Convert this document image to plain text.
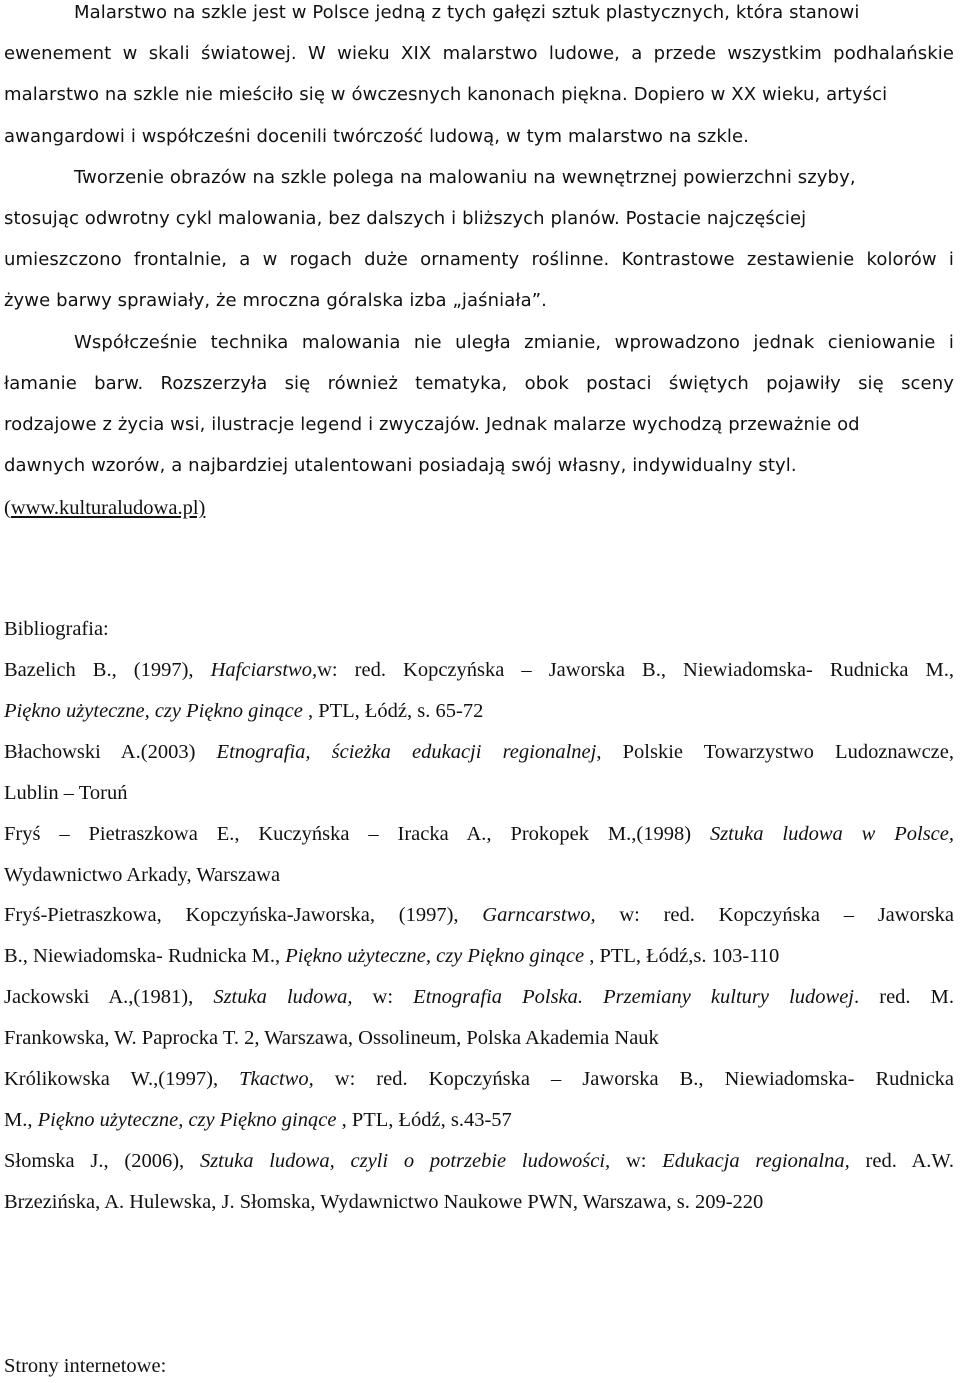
Malarstwo na szkle jest w Polsce jedną z tych gałęzi sztuk plastycznych, która stanowi
ewenement w skali światowej. W wieku XIX malarstwo ludowe, a przede wszystkim podhalańskie
malarstwo na szkle nie mieściło się w ówczesnych kanonach piękna. Dopiero w XX wieku, artyści
awangardowi i współcześni docenili twórczość ludową, w tym malarstwo na szkle.
Tworzenie obrazów na szkle polega na malowaniu na wewnętrznej powierzchni szyby,
stosując odwrotny cykl malowania, bez dalszych i bliższych planów. Postacie najczęściej
umieszczono frontalnie, a w rogach duże ornamenty roślinne. Kontrastowe zestawienie kolorów i
żywe barwy sprawiały, że mroczna góralska izba „jaśniała”.
Współcześnie technika malowania nie uległa zmianie, wprowadzono jednak cieniowanie i
łamanie barw. Rozszerzyła się również tematyka, obok postaci świętych pojawiły się sceny
rodzajowe z życia wsi, ilustracje legend i zwyczajów. Jednak malarze wychodzą przeważnie od
dawnych wzorów, a najbardziej utalentowani posiadają swój własny, indywidualny styl.
(www.kulturaludowa.pl)
Bibliografia:
Bazelich B., (1997), Hafciarstwo,w: red. Kopczyńska – Jaworska B., Niewiadomska- Rudnicka M.,
Piękno użyteczne, czy Piękno ginące , PTL, Łódź, s. 65-72
Błachowski A.(2003) Etnografia, ścieżka edukacji regionalnej, Polskie Towarzystwo Ludoznawcze,
Lublin – Toruń
Fryś – Pietraszkowa E., Kuczyńska – Iracka A., Prokopek M.,(1998) Sztuka ludowa w Polsce,
Wydawnictwo Arkady, Warszawa
Fryś-Pietraszkowa, Kopczyńska-Jaworska, (1997), Garncarstwo, w: red. Kopczyńska – Jaworska
B., Niewiadomska- Rudnicka M., Piękno użyteczne, czy Piękno ginące , PTL, Łódź,s. 103-110
Jackowski A.,(1981), Sztuka ludowa, w: Etnografia Polska. Przemiany kultury ludowej. red. M.
Frankowska, W. Paprocka T. 2, Warszawa, Ossolineum, Polska Akademia Nauk
Królikowska W.,(1997), Tkactwo, w: red. Kopczyńska – Jaworska B., Niewiadomska- Rudnicka
M., Piękno użyteczne, czy Piękno ginące , PTL, Łódź, s.43-57
Słomska J., (2006), Sztuka ludowa, czyli o potrzebie ludowości, w: Edukacja regionalna, red. A.W.
Brzezińska, A. Hulewska, J. Słomska, Wydawnictwo Naukowe PWN, Warszawa, s. 209-220
Strony internetowe:
